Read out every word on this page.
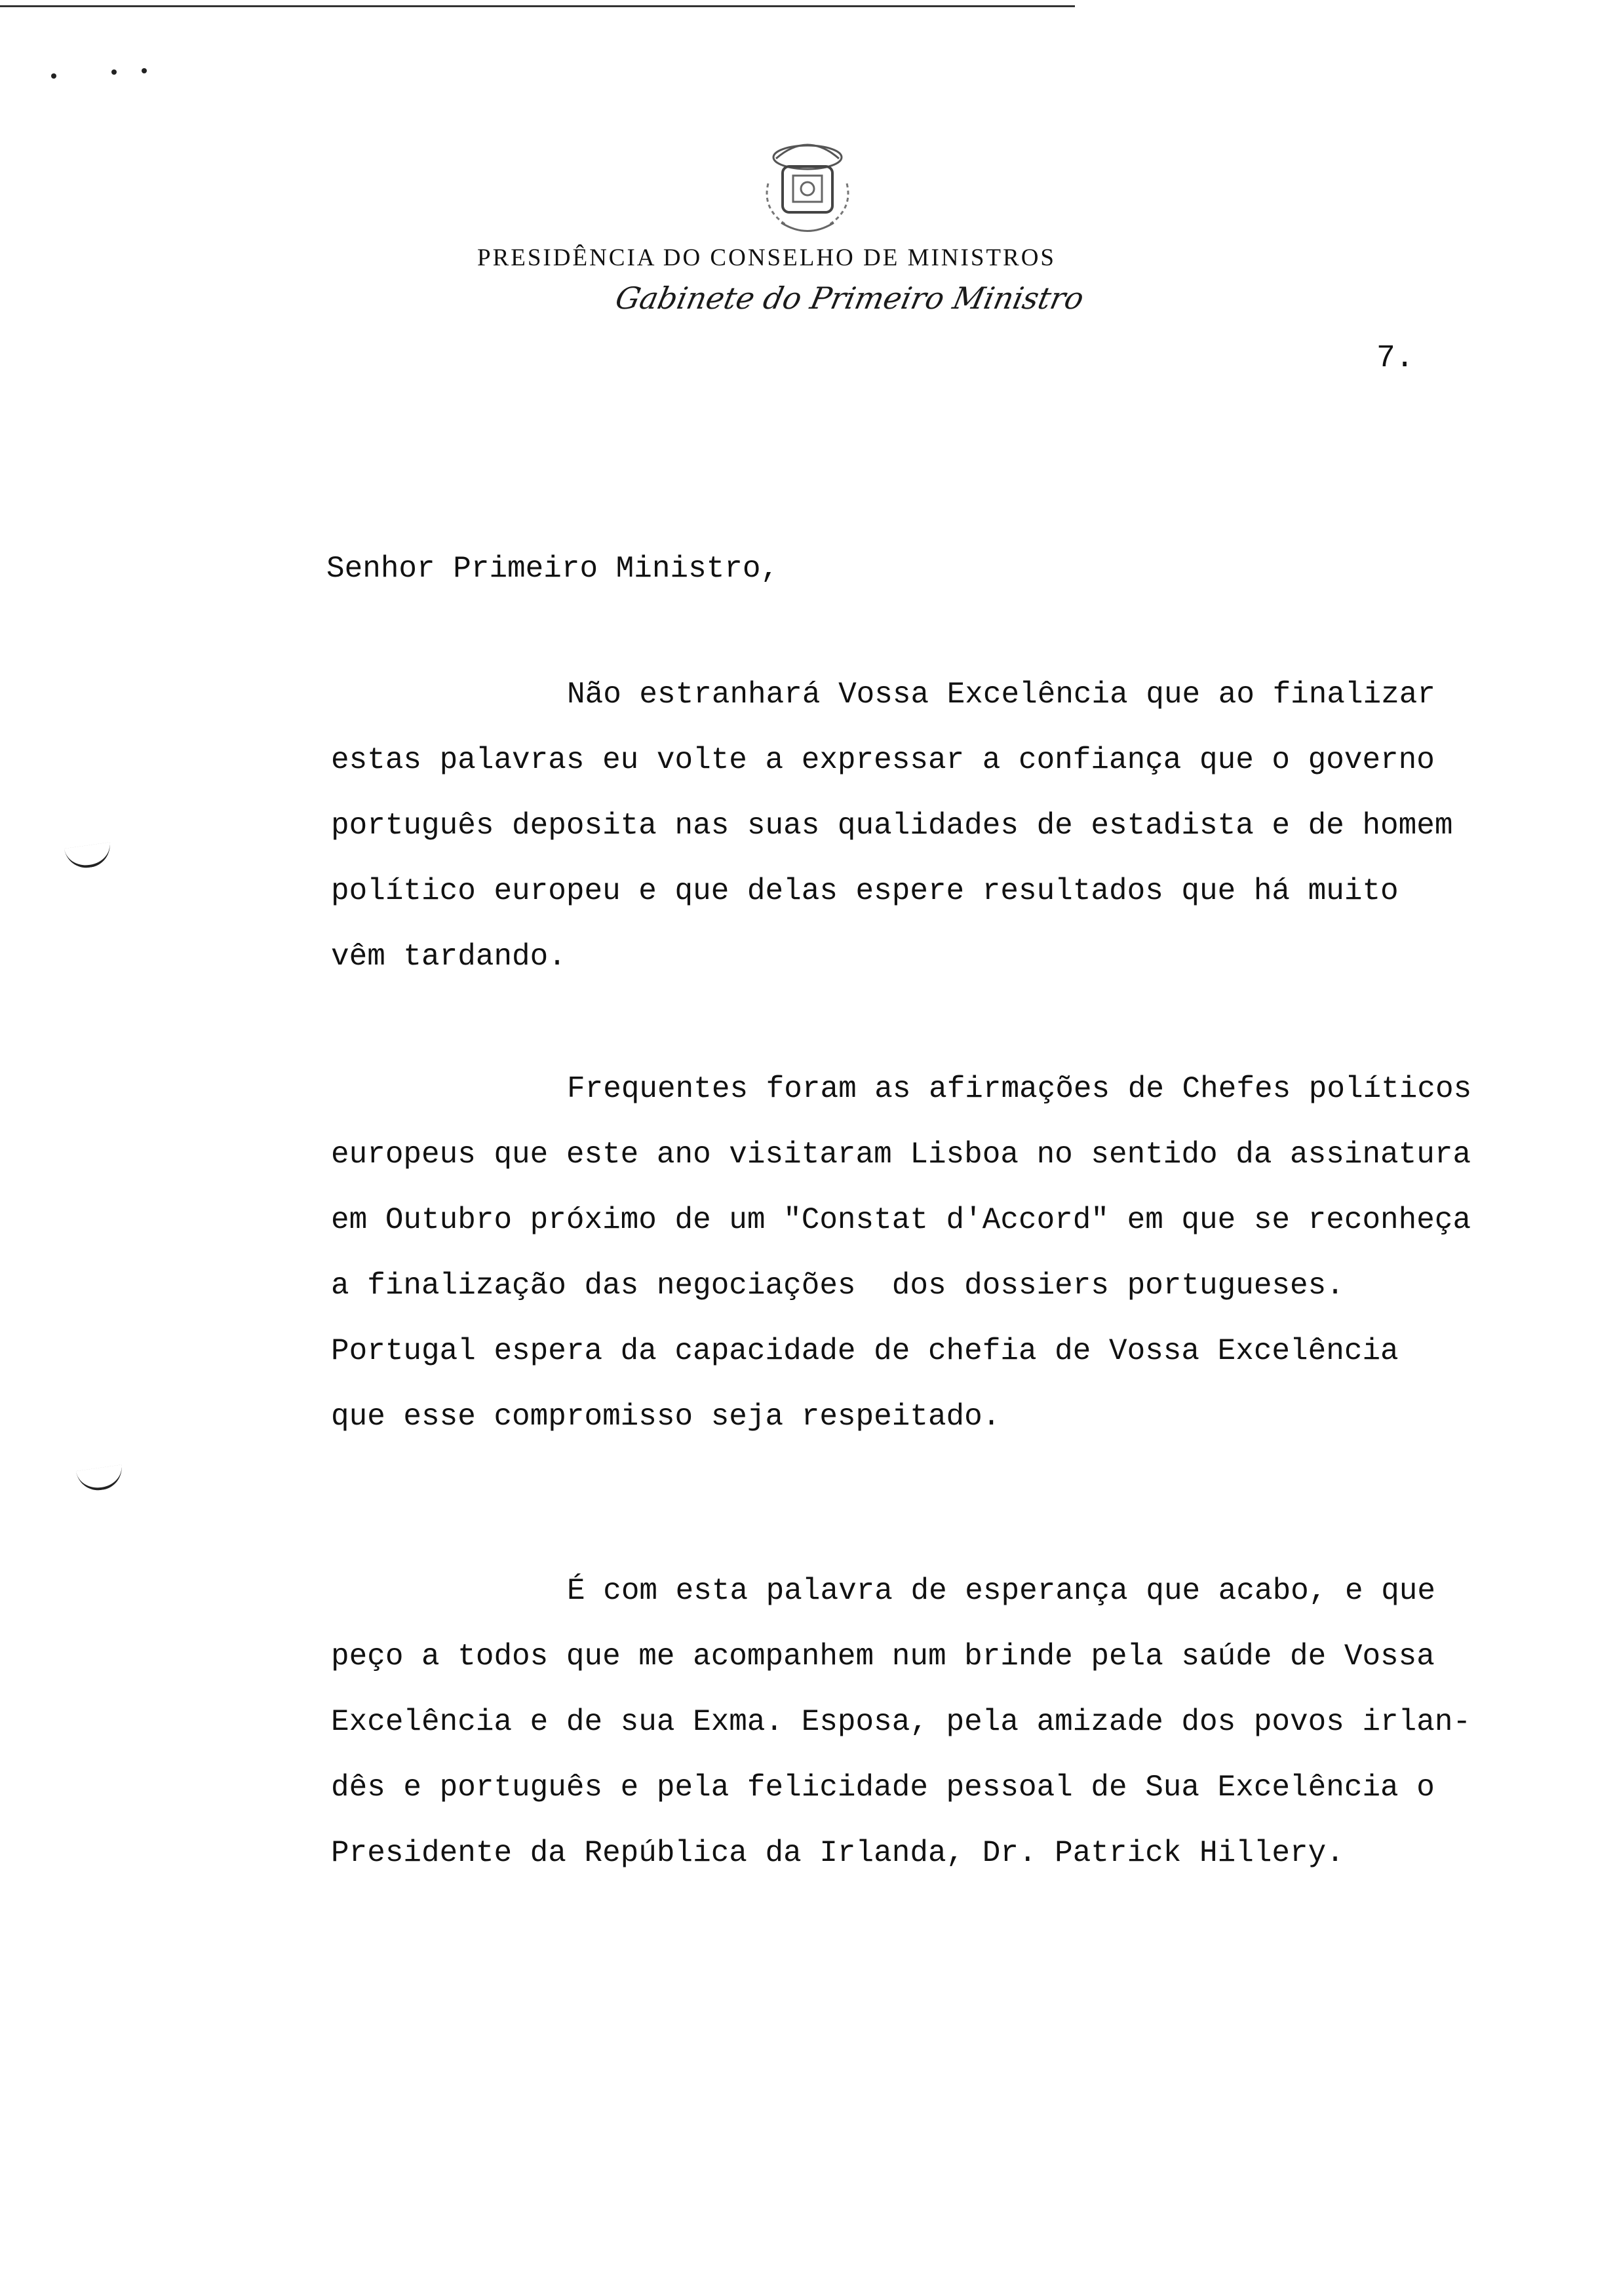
PRESIDÊNCIA DO CONSELHO DE MINISTROS
Gabinete do Primeiro Ministro
7.
Senhor Primeiro Ministro,
Não estranhará Vossa Excelência que ao finalizar
estas palavras eu volte a expressar a confiança que o governo
português deposita nas suas qualidades de estadista e de homem
político europeu e que delas espere resultados que há muito
vêm tardando.
Frequentes foram as afirmações de Chefes políticos
europeus que este ano visitaram Lisboa no sentido da assinatura
em Outubro próximo de um "Constat d'Accord" em que se reconheça
a finalização das negociações  dos dossiers portugueses.
Portugal espera da capacidade de chefia de Vossa Excelência
que esse compromisso seja respeitado.
É com esta palavra de esperança que acabo, e que
peço a todos que me acompanhem num brinde pela saúde de Vossa
Excelência e de sua Exma. Esposa, pela amizade dos povos irlan-
dês e português e pela felicidade pessoal de Sua Excelência o
Presidente da República da Irlanda, Dr. Patrick Hillery.
